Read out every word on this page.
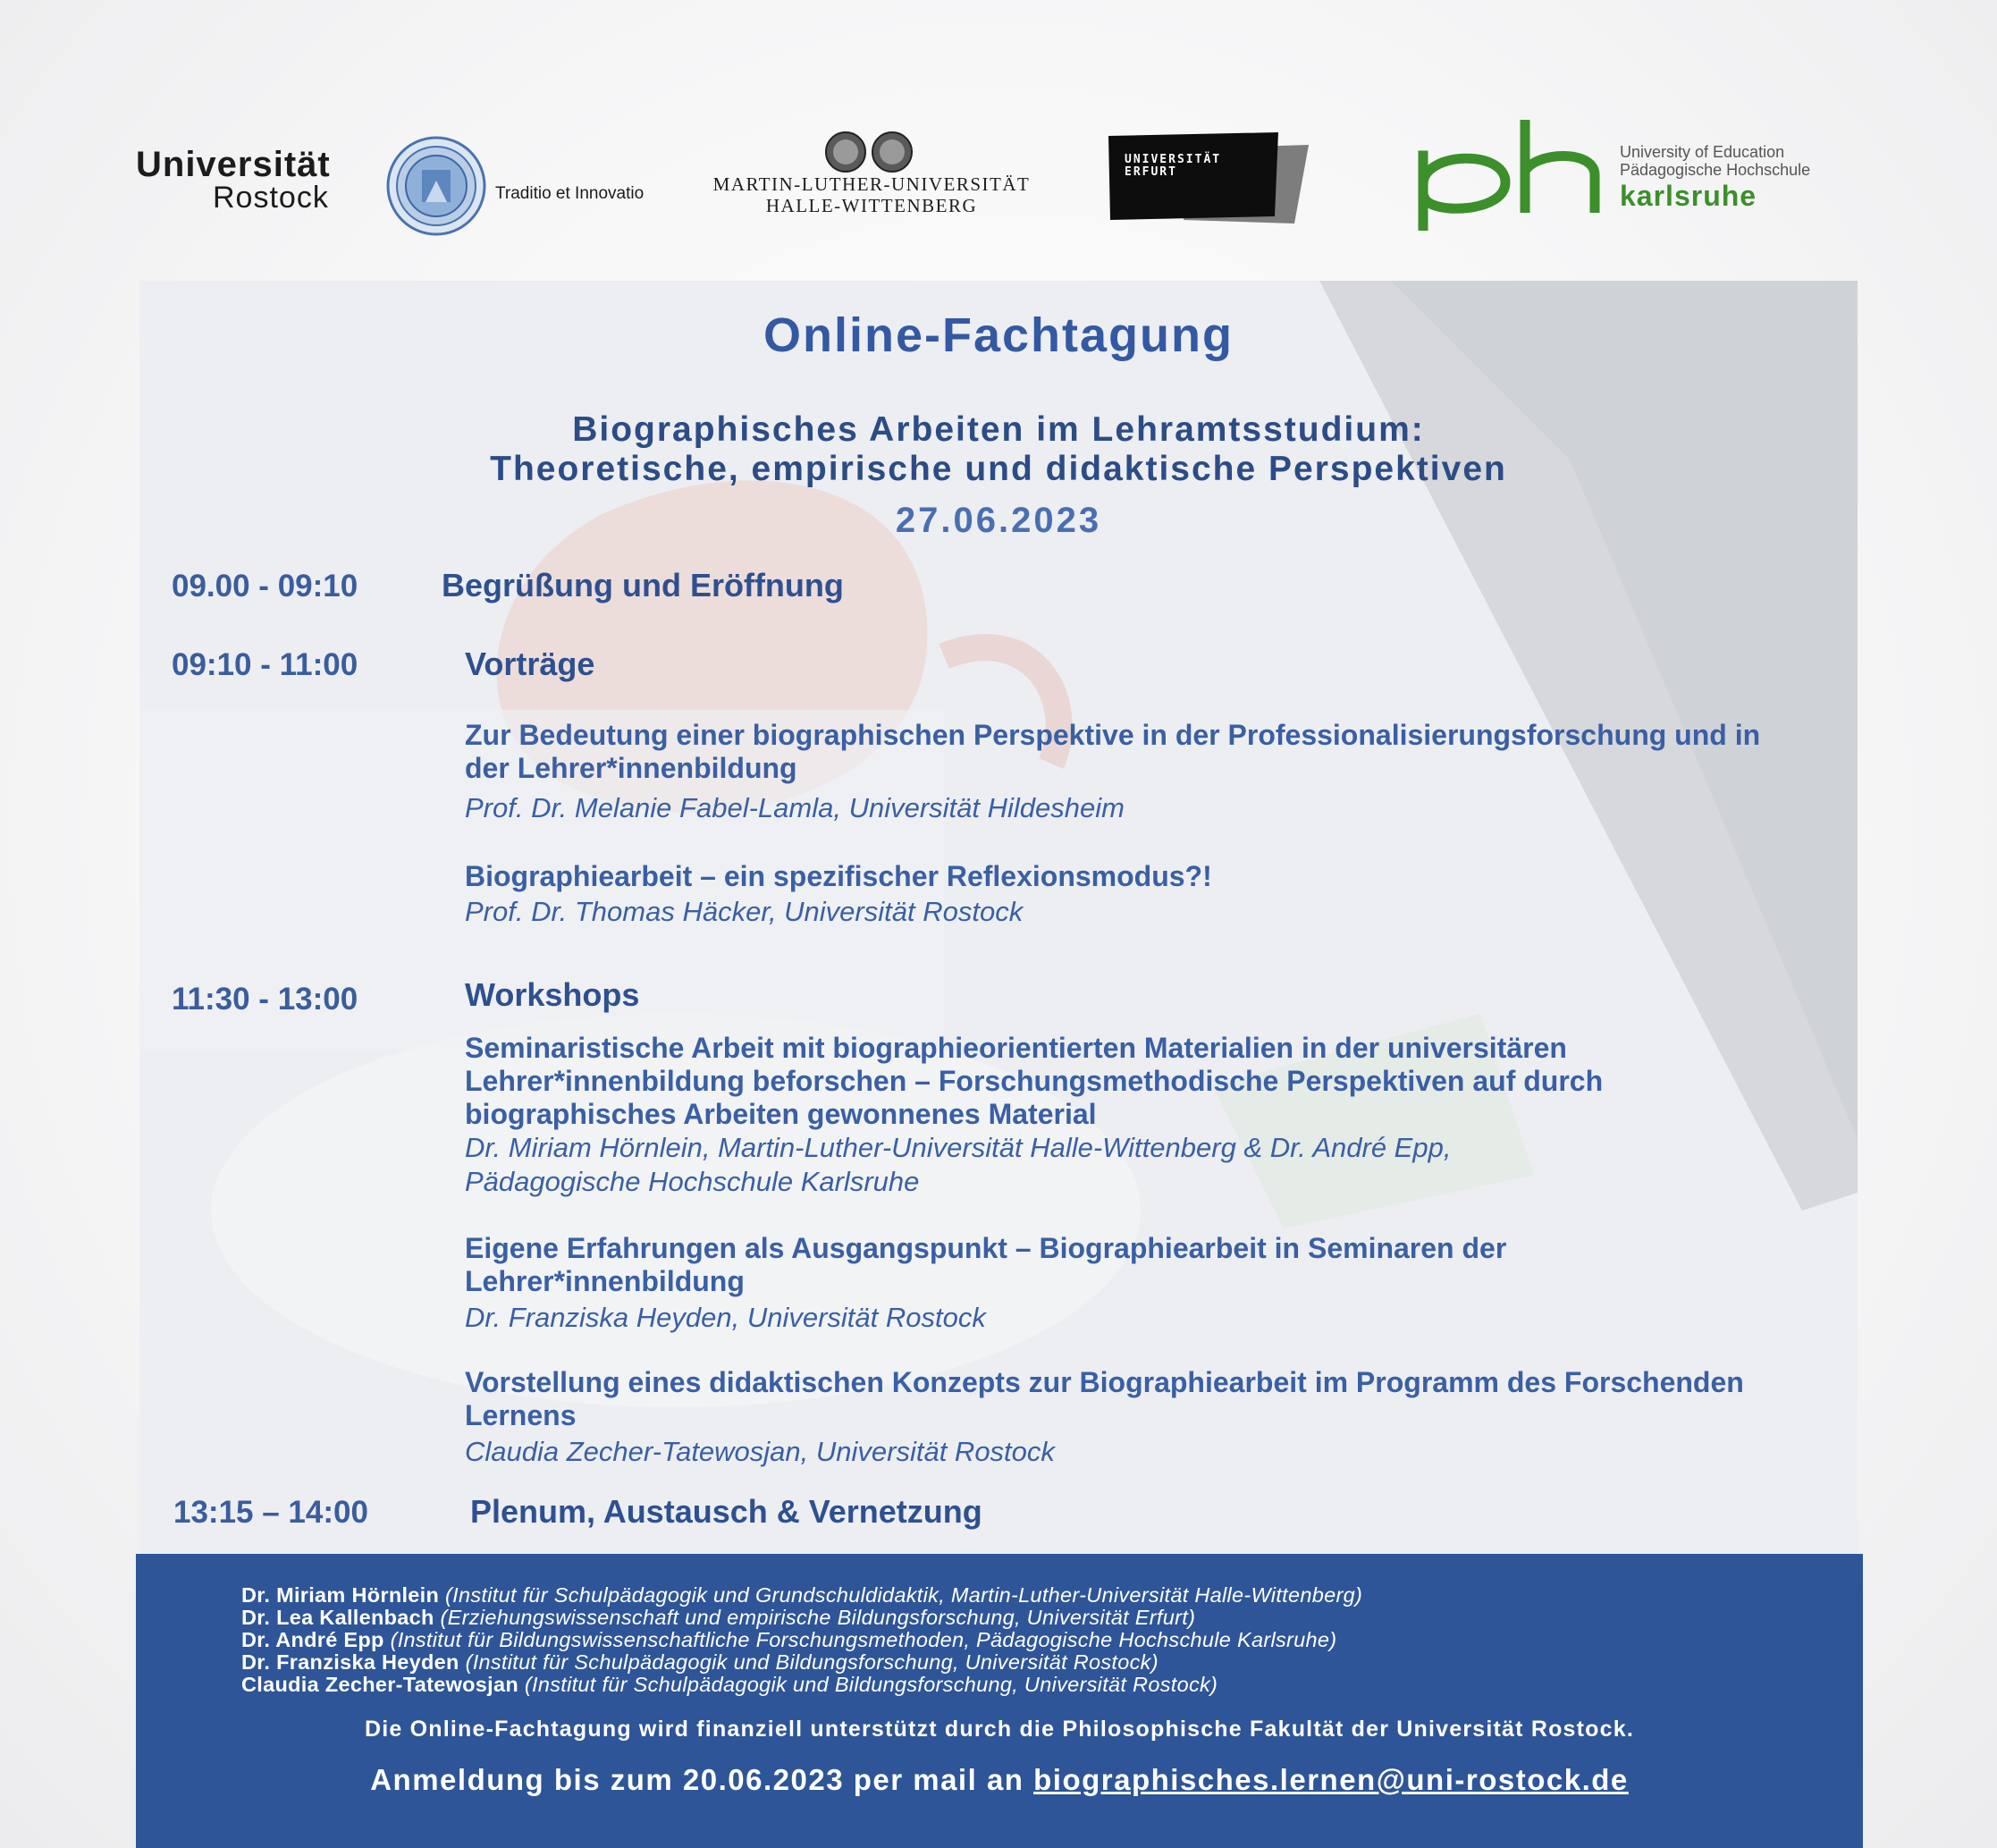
Universität
Rostock	Traditio et Innovatio	MARTIN-LUTHER-UNIVERSITÄT
HALLE-WITTENBERG
UNIVERSITÄT
ERFURT
University of Education
Pädagogische Hochschule
karlsruhe
Online-Fachtagung
Biographisches Arbeiten im Lehramtsstudium:
Theoretische, empirische und didaktische Perspektiven
27.06.2023
09.00 - 09:10	Begrüßung und Eröffnung
09:10 - 11:00	Vorträge
Zur Bedeutung einer biographischen Perspektive in der Professionalisierungsforschung und in der Lehrer*innenbildung
Prof. Dr. Melanie Fabel-Lamla, Universität Hildesheim
Biographiearbeit – ein spezifischer Reflexionsmodus?!
Prof. Dr. Thomas Häcker, Universität Rostock
11:30 - 13:00	Workshops
Seminaristische Arbeit mit biographieorientierten Materialien in der universitären Lehrer*innenbildung beforschen – Forschungsmethodische Perspektiven auf durch biographisches Arbeiten gewonnenes Material
Dr. Miriam Hörnlein, Martin-Luther-Universität Halle-Wittenberg & Dr. André Epp,
Pädagogische Hochschule Karlsruhe
Eigene Erfahrungen als Ausgangspunkt – Biographiearbeit in Seminaren der Lehrer*innenbildung
Dr. Franziska Heyden, Universität Rostock
Vorstellung eines didaktischen Konzepts zur Biographiearbeit im Programm des Forschenden Lernens
Claudia Zecher-Tatewosjan, Universität Rostock
13:15 – 14:00	Plenum, Austausch & Vernetzung
Dr. Miriam Hörnlein (Institut für Schulpädagogik und Grundschuldidaktik, Martin-Luther-Universität Halle-Wittenberg)
Dr. Lea Kallenbach (Erziehungswissenschaft und empirische Bildungsforschung, Universität Erfurt)
Dr. André Epp (Institut für Bildungswissenschaftliche Forschungsmethoden, Pädagogische Hochschule Karlsruhe)
Dr. Franziska Heyden (Institut für Schulpädagogik und Bildungsforschung, Universität Rostock)
Claudia Zecher-Tatewosjan (Institut für Schulpädagogik und Bildungsforschung, Universität Rostock)
Die Online-Fachtagung wird finanziell unterstützt durch die Philosophische Fakultät der Universität Rostock.
Anmeldung bis zum 20.06.2023 per mail an biographisches.lernen@uni-rostock.de
